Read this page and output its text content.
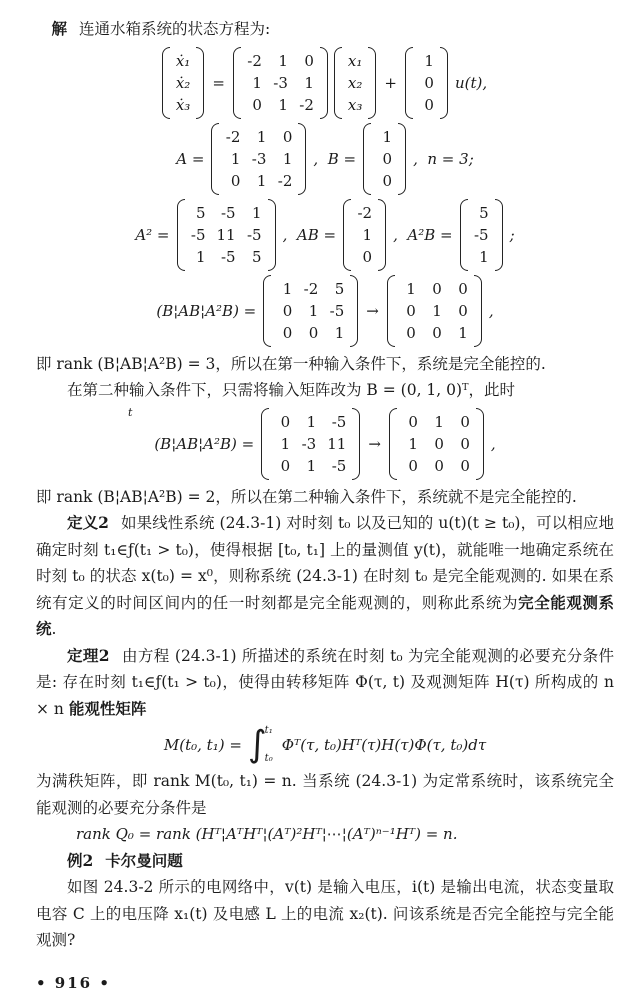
解 连通水箱系统的状态方程为:

ẋ₁
ẋ₂
ẋ₃
=
-2	1	0
1 -3	1
0	1 -2
x₁
x₂
x₃
+
1
0
0
u(t),
A =
-2	1	0
1 -3	1
0	1 -2
,  B =
1
0
0
,  n = 3;
A² =
5 -5	1
-5 11 -5
1 -5	5
,  AB =
-2
1
0
,  A²B =
5
-5
1
;
(B¦AB¦A²B) =
1 -2	5
0	1 -5
0	0	1
→
1	0	0
0	1	0
0	0	1
,

即 rank (B¦AB¦A²B) = 3，所以在第一种输入条件下，系统是完全能控的.

在第二种输入条件下，只需将输入矩阵改为 B = (0, 1, 0)ᵀ，此时

t
(B¦AB¦A²B) =
0	1 -5
1 -3 11
0	1 -5
→
0	1	0
1	0	0
0	0	0
,

即 rank (B¦AB¦A²B) = 2，所以在第二种输入条件下，系统就不是完全能控的.

定义2 如果线性系统 (24.3-1) 对时刻 t₀ 以及已知的 u(t)(t ≥ t₀)，可以相应地确定时刻 t₁∈ƒ(t₁ > t₀)，使得根据 [t₀, t₁] 上的量测值 y(t)，就能唯一地确定系统在时刻 t₀ 的状态 x(t₀) = x⁰，则称系统 (24.3-1) 在时刻 t₀ 是完全能观测的. 如果在系统有定义的时间区间内的任一时刻都是完全能观测的，则称此系统为完全能观测系统.

定理2 由方程 (24.3-1) 所描述的系统在时刻 t₀ 为完全能观测的必要充分条件是: 存在时刻 t₁∈ƒ(t₁ > t₀)，使得由转移矩阵 Φ(τ, t) 及观测矩阵 H(τ) 所构成的 n × n 能观性矩阵

M(t₀, t₁) = ∫
t₁
t₀
Φᵀ(τ, t₀)Hᵀ(τ)H(τ)Φ(τ, t₀)dτ

为满秩矩阵，即 rank M(t₀, t₁) = n. 当系统 (24.3-1) 为定常系统时，该系统完全能观测的必要充分条件是

rank Q₀ = rank (Hᵀ¦AᵀHᵀ¦(Aᵀ)²Hᵀ¦⋯¦(Aᵀ)ⁿ⁻¹Hᵀ) = n.

例2 卡尔曼问题

如图 24.3-2 所示的电网络中，v(t) 是输入电压，i(t) 是输出电流，状态变量取电容 C 上的电压降 x₁(t) 及电感 L 上的电流 x₂(t). 问该系统是否完全能控与完全能观测?

• 916 •
